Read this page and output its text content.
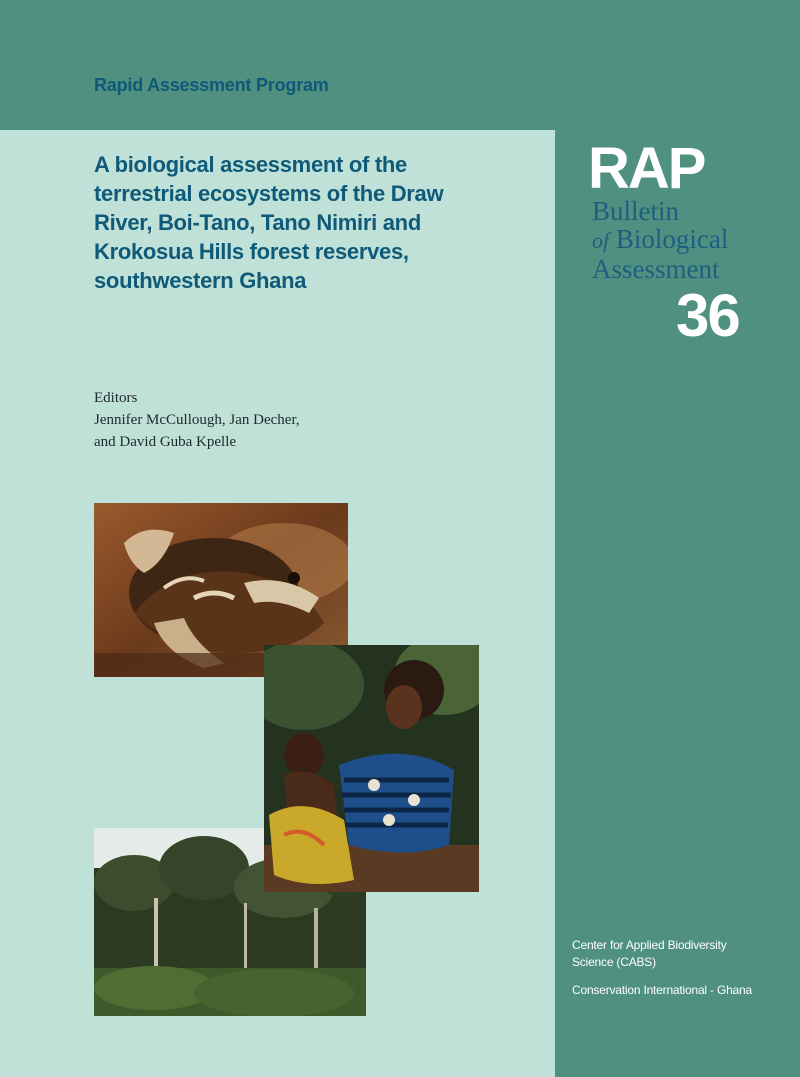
Rapid Assessment Program
A biological assessment of the
terrestrial ecosystems of the Draw
River, Boi-Tano, Tano Nimiri and
Krokosua Hills forest reserves,
southwestern Ghana
Editors
Jennifer McCullough, Jan Decher,
and David Guba Kpelle
RAP
Bulletin
of Biological
Assessment
36
Center for Applied Biodiversity
Science (CABS)
Conservation International - Ghana
